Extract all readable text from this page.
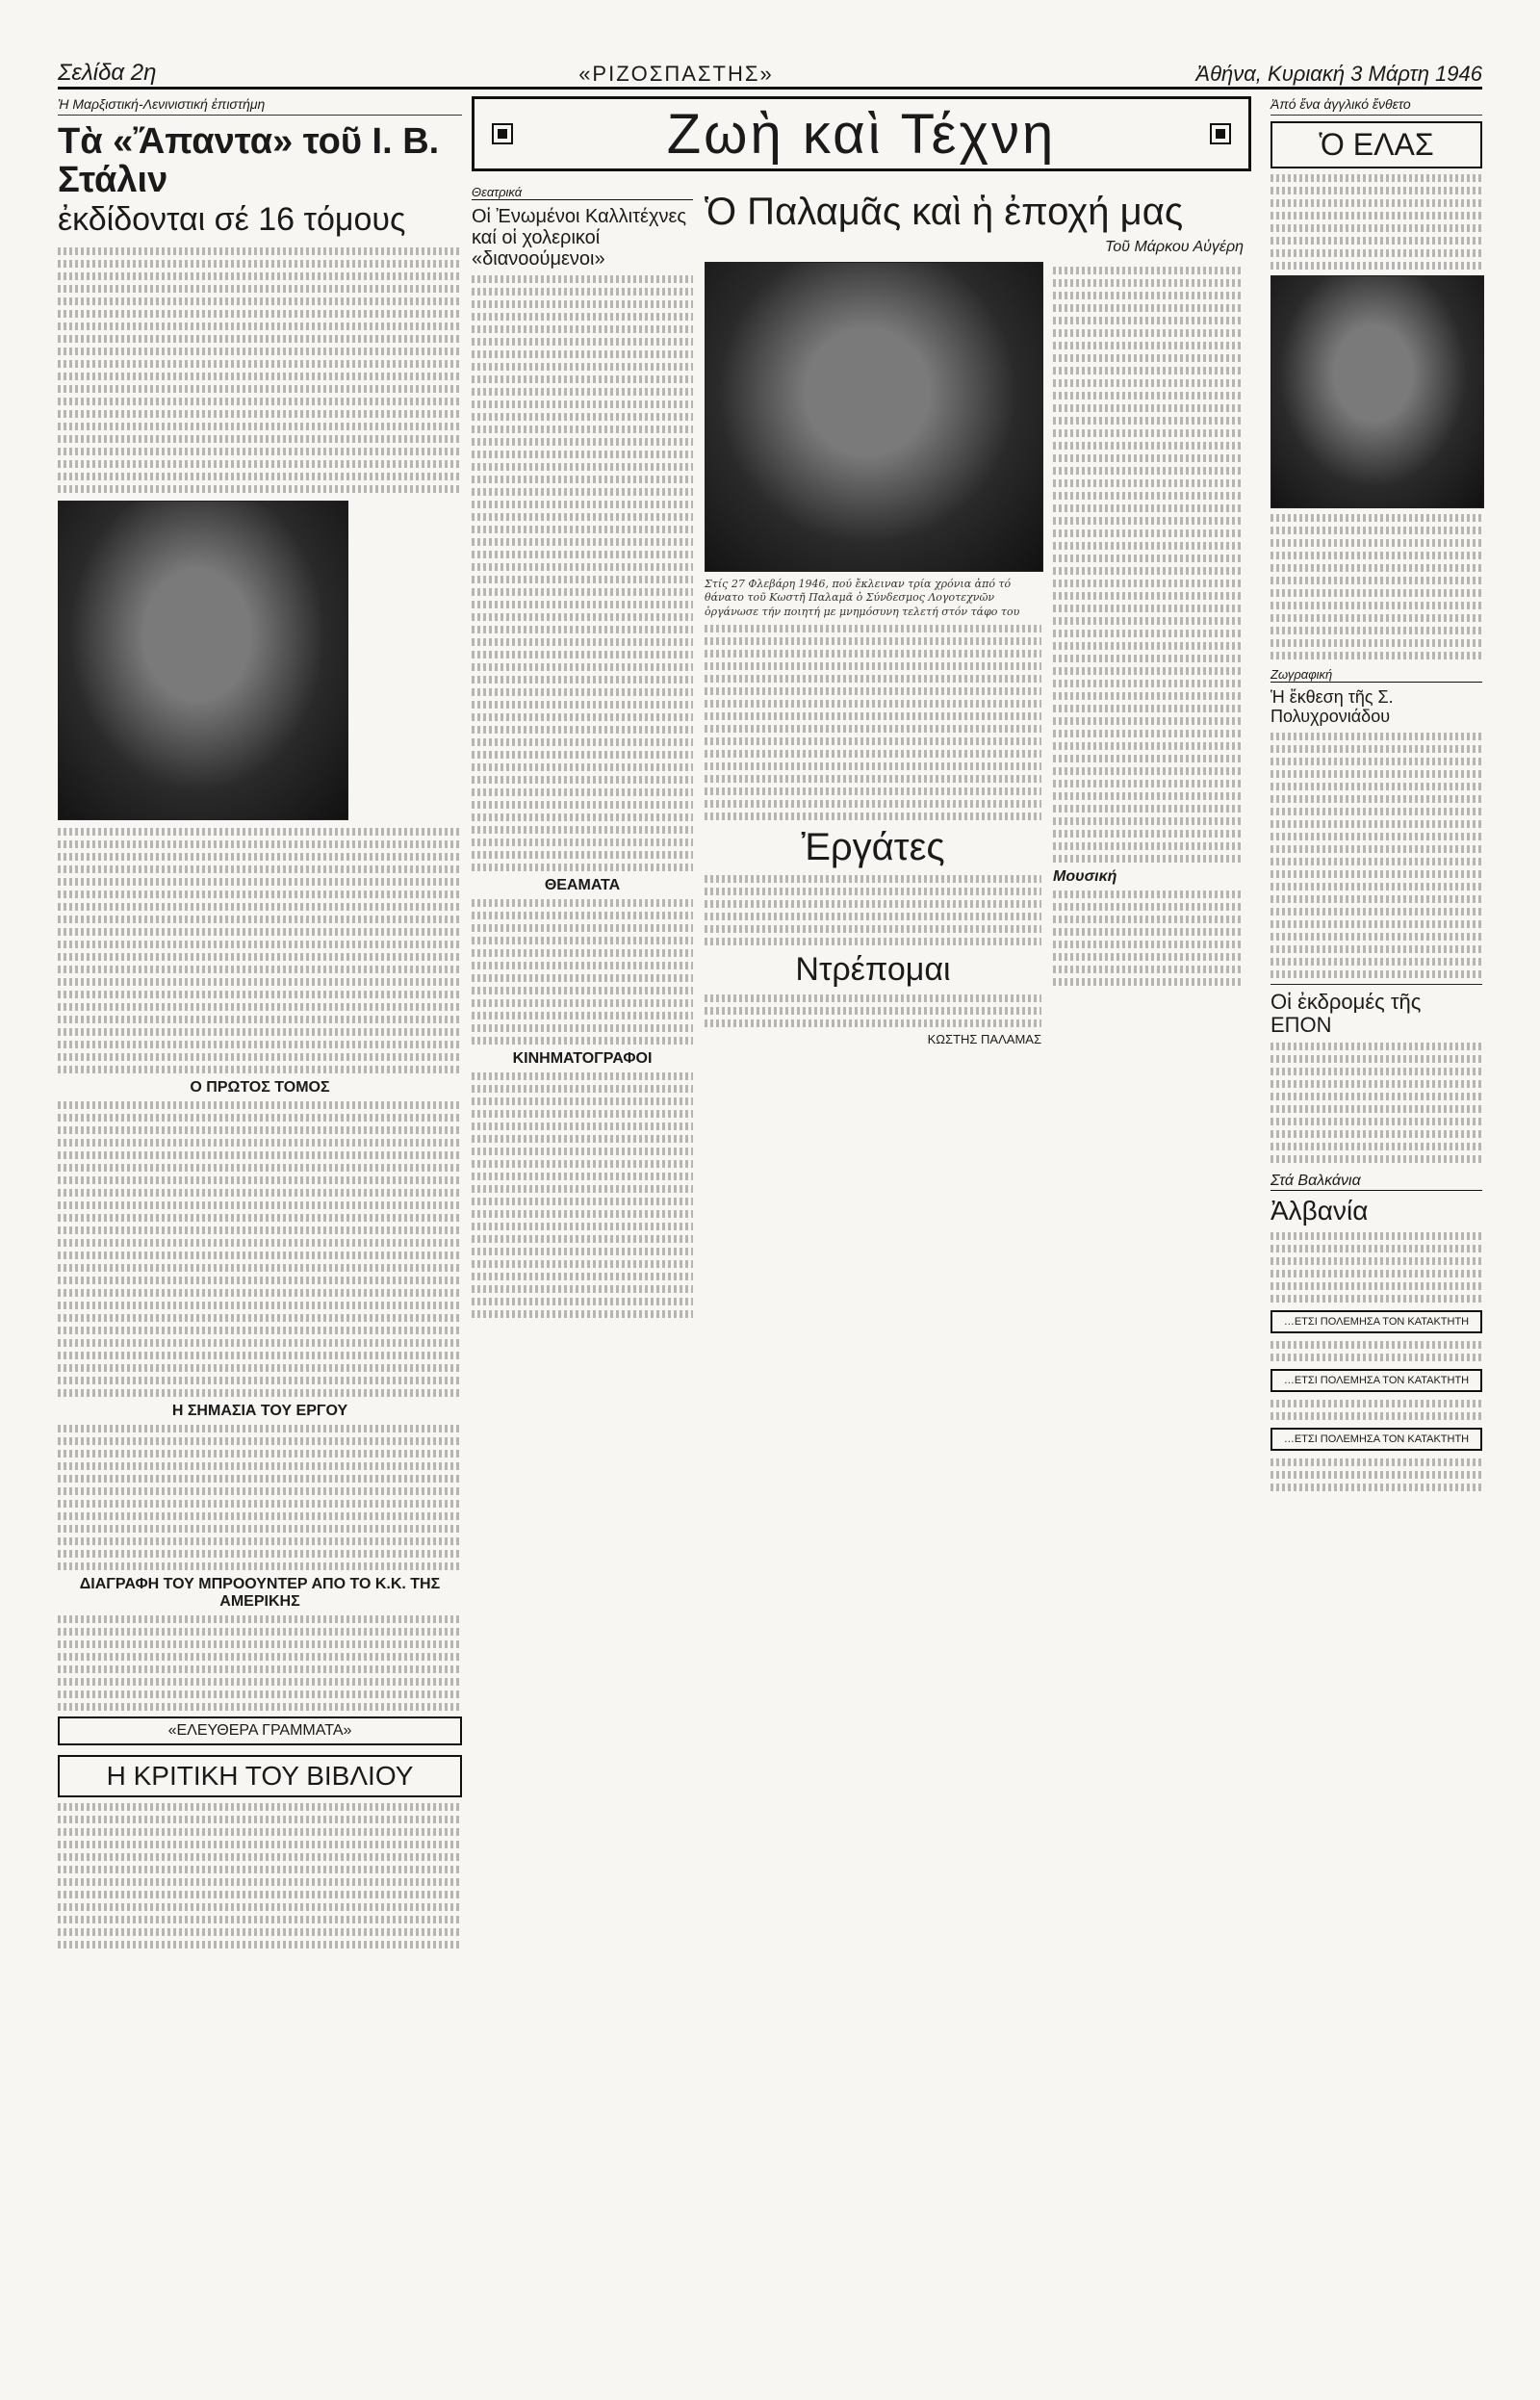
Σελίδα 2η	«ΡΙΖΟΣΠΑΣΤΗΣ»	Ἀθήνα, Κυριακή 3 Μάρτη 1946
Ἡ Μαρξιστική-Λενινιστική ἐπιστήμη
Τὰ «Ἄπαντα» τοῦ Ι. Β. Στάλιν
ἐκδίδονται σέ 16 τόμους
Ο ΠΡΩΤΟΣ ΤΟΜΟΣ
Η ΣΗΜΑΣΙΑ ΤΟΥ ΕΡΓΟΥ
ΔΙΑΓΡΑΦΗ ΤΟΥ ΜΠΡΟΟΥΝΤΕΡ ΑΠΟ ΤΟ Κ.Κ. ΤΗΣ ΑΜΕΡΙΚΗΣ
«ΕΛΕΥΘΕΡΑ ΓΡΑΜΜΑΤΑ»
Η ΚΡΙΤΙΚΗ ΤΟΥ ΒΙΒΛΙΟΥ
Ζωὴ καὶ Τέχνη
Θεατρικά
Οἱ Ἐνωμένοι Καλλιτέχνες καί οἱ χολερικοί «διανοούμενοι»
ΘΕΑΜΑΤΑ
ΚΙΝΗΜΑΤΟΓΡΑΦΟΙ
Ὁ Παλαμᾶς καὶ ἡ ἐποχή μας
Τοῦ Μάρκου Αὐγέρη
Στίς 27 Φλεβάρη 1946, πού ἔκλειναν τρία χρόνια ἀπό τό θάνατο τοῦ Κωστῆ Παλαμᾶ ὁ Σύνδεσμος Λογοτεχνῶν ὀργάνωσε τήν ποιητή με μνημόσυνη τελετή στόν τάφο του
Ἐργάτες
Ντρέπομαι
ΚΩΣΤΗΣ ΠΑΛΑΜΑΣ
Μουσική
Ἀπό ἕνα ἀγγλικό ἔνθετο
Ὁ ΕΛΑΣ
Ζωγραφική
Ἡ ἔκθεση τῆς Σ. Πολυχρονιάδου
Οἱ ἐκδρομές τῆς ΕΠΟΝ
Στά Βαλκάνια
Ἀλβανία
…ΕΤΣΙ ΠΟΛΕΜΗΣΑ ΤΟΝ ΚΑΤΑΚΤΗΤΗ
…ΕΤΣΙ ΠΟΛΕΜΗΣΑ ΤΟΝ ΚΑΤΑΚΤΗΤΗ
…ΕΤΣΙ ΠΟΛΕΜΗΣΑ ΤΟΝ ΚΑΤΑΚΤΗΤΗ
